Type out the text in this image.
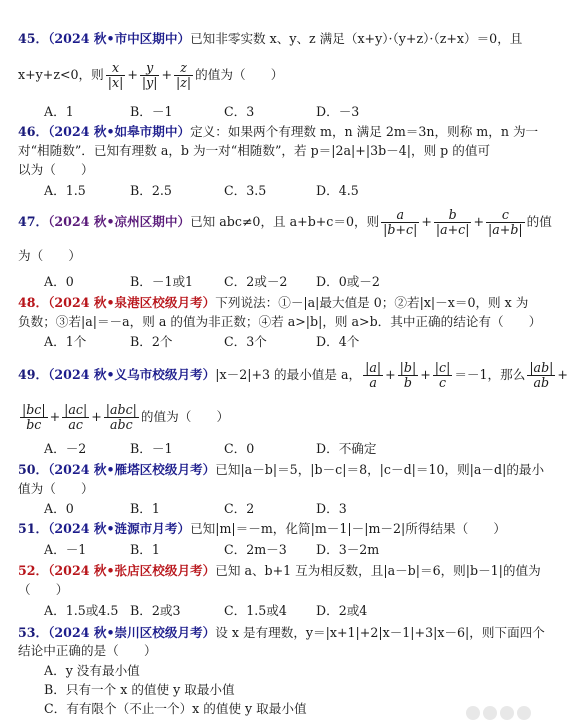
45．（2024 秋•市中区期中）已知非零实数 x、y、z 满足（x+y）·（y+z）·（z+x）＝0，且
x+y+z<0，则 $\frac{x}{|x|} + \frac{y}{|y|} + \frac{z}{|z|}$ 的值为（　　）
A．1	B．－1	C．3	D．－3
46．（2024 秋•如皋市期中）定义：如果两个有理数 m，n 满足 2m＝3n，则称 m，n 为一
对“相随数”．已知有理数 a，b 为一对“相随数”，若 p＝|2a|+|3b－4|，则 p 的值可
以为（　　）
A．1.5	B．2.5	C．3.5	D．4.5
47．（2024 秋•凉州区期中）已知 abc≠0，且 a+b+c＝0，则 $\frac{a}{|b+c|} + \frac{b}{|a+c|} + \frac{c}{|a+b|}$ 的值
为（　　）
A．0	B．－1或1 C．2或－2 D．0或－2
48．（2024 秋•泉港区校级月考）下列说法：①－|a|最大值是 0；②若|x|－x＝0，则 x 为
负数；③若|a|＝－a，则 a 的值为非正数；④若 a>|b|，则 a>b．其中正确的结论有（　　）
A．1个	B．2个	C．3个	D．4个
49．（2024 秋•义乌市校级月考）|x－2|+3 的最小值是 a， $\frac{|a|}{a} + \frac{|b|}{b} + \frac{|c|}{c} =-1$，那么 $\frac{|ab|}{ab}$ +
$\frac{|bc|}{bc} + \frac{|ac|}{ac} + \frac{\text{|abc|}}{\text{abc}}$ 的值为（　　）
A．－2	B．－1	C．0	D．不确定
50．（2024 秋•雁塔区校级月考）已知|a－b|＝5，|b－c|＝8，|c－d|＝10，则|a－d|的最小
值为（　　）
A．0	B．1	C．2	D．3
51．（2024 秋•涟源市月考）已知|m|＝－m，化简|m－1|－|m－2|所得结果（　　）
A．－1	B．1	C．2m－3 D．3－2m
52．（2024 秋•张店区校级月考）已知 a、b+1 互为相反数，且|a－b|＝6，则|b－1|的值为
（　　）
A．1.5或4.5 B．2或3	C．1.5或4 D．2或4
53．（2024 秋•崇川区校级月考）设 x 是有理数，y＝|x+1|+2|x－1|+3|x－6|，则下面四个
结论中正确的是（　　）
A．y 没有最小值
B．只有一个 x 的值使 y 取最小值
C．有有限个（不止一个）x 的值使 y 取最小值
